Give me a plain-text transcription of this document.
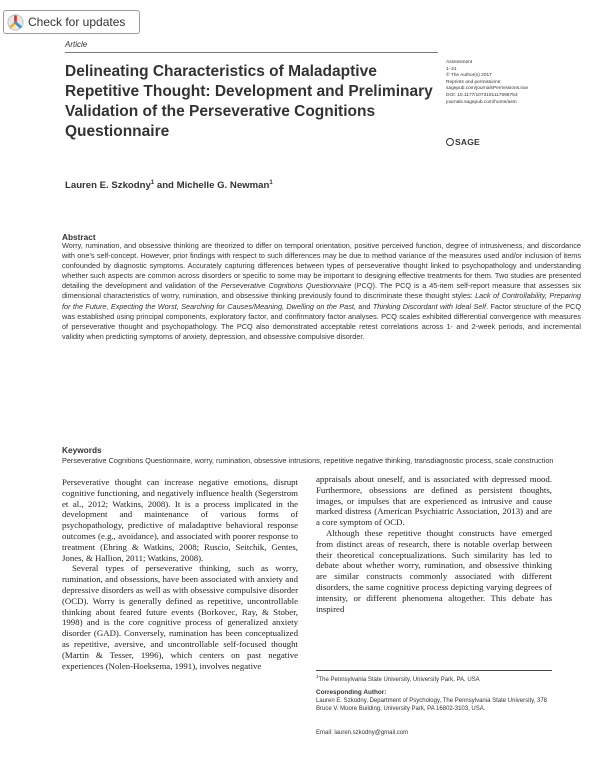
Check for updates
Article
Assessment
1–21
© The Author(s) 2017
Reprints and permissions:
sagepub.com/journalsPermissions.nav
DOI: 10.1177/1073191117698753
journals.sagepub.com/home/asm
SAGE
Delineating Characteristics of Maladaptive Repetitive Thought: Development and Preliminary Validation of the Perseverative Cognitions Questionnaire
Lauren E. Szkodny$^1$ and Michelle G. Newman$^1$
Abstract

Worry, rumination, and obsessive thinking are theorized to differ on temporal orientation, positive perceived function, degree of intrusiveness, and discordance with one’s self-concept. However, prior findings with respect to such differences may be due to method variance of the measures used and/or inclusion of items confounded by diagnostic symptoms. Accurately capturing differences between types of perseverative thought linked to psychopathology and understanding whether such aspects are common across disorders or specific to some may be important to designing effective treatments for them. Two studies are presented detailing the development and validation of the Perseverative Cognitions Questionnaire (PCQ). The PCQ is a 45-item self-report measure that assesses six dimensional characteristics of worry, rumination, and obsessive thinking previously found to discriminate these thought styles: Lack of Controllability, Preparing for the Future, Expecting the Worst, Searching for Causes/Meaning, Dwelling on the Past, and Thinking Discordant with Ideal Self. Factor structure of the PCQ was established using principal components, exploratory factor, and confirmatory factor analyses. PCQ scales exhibited differential convergence with measures of perseverative thought and psychopathology. The PCQ also demonstrated acceptable retest correlations across 1- and 2-week periods, and incremental validity when predicting symptoms of anxiety, depression, and obsessive compulsive disorder.

Keywords

Perseverative Cognitions Questionnaire, worry, rumination, obsessive intrusions, repetitive negative thinking, transdiagnostic process, scale construction

Perseverative thought can increase negative emotions, disrupt cognitive functioning, and negatively influence health (Segerstrom et al., 2012; Watkins, 2008). It is a process implicated in the development and maintenance of various forms of psychopathology, predictive of maladaptive behavioral response outcomes (e.g., avoidance), and associated with poorer response to treatment (Ehring & Watkins, 2008; Ruscio, Seitchik, Gentes, Jones, & Hallion, 2011; Watkins, 2008).

Several types of perseverative thinking, such as worry, rumination, and obsessions, have been associated with anxiety and depressive disorders as well as with obsessive compulsive disorder (OCD). Worry is generally defined as repetitive, uncontrollable thinking about feared future events (Borkovec, Ray, & Stober, 1998) and is the core cognitive process of generalized anxiety disorder (GAD). Conversely, rumination has been conceptualized as repetitive, aversive, and uncontrollable self-focused thought (Martin & Tesser, 1996), which centers on past negative experiences (Nolen-Hoeksema, 1991), involves negative

appraisals about oneself, and is associated with depressed mood. Furthermore, obsessions are defined as persistent thoughts, images, or impulses that are experienced as intrusive and cause marked distress (American Psychiatric Association, 2013) and are a core symptom of OCD.

Although these repetitive thought constructs have emerged from distinct areas of research, there is notable overlap between their theoretical conceptualizations. Such similarity has led to debate about whether worry, rumination, and obsessive thinking are similar constructs commonly associated with different disorders, the same cognitive process depicting varying degrees of intensity, or different phenomena altogether. This debate has inspired

$^1$The Pennsylvania State University, University Park, PA, USA
Corresponding Author:

Lauren E. Szkodny, Department of Psychology, The Pennsylvania State University, 378 Bruce V. Moore Building, University Park, PA 16802-3103, USA.

Email: lauren.szkodny@gmail.com
